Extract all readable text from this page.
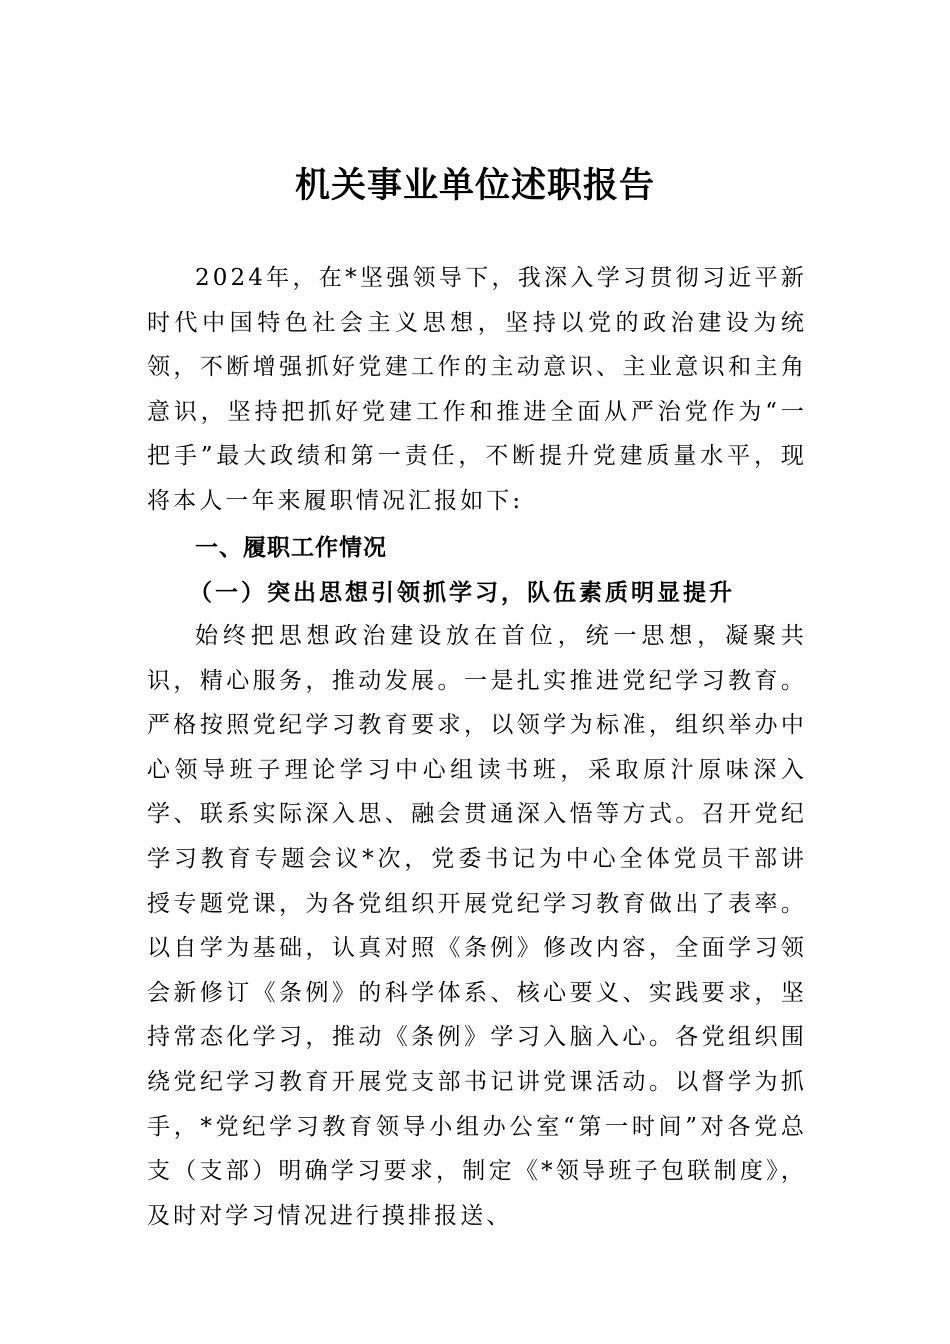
机关事业单位述职报告

2024年，在*坚强领导下，我深入学习贯彻习近平新时代中国特色社会主义思想，坚持以党的政治建设为统领，不断增强抓好党建工作的主动意识、主业意识和主角意识，坚持把抓好党建工作和推进全面从严治党作为“一把手”最大政绩和第一责任，不断提升党建质量水平，现将本人一年来履职情况汇报如下:

一、履职工作情况

（一）突出思想引领抓学习，队伍素质明显提升

始终把思想政治建设放在首位，统一思想，凝聚共识，精心服务，推动发展。一是扎实推进党纪学习教育。严格按照党纪学习教育要求，以领学为标准，组织举办中心领导班子理论学习中心组读书班，采取原汁原味深入学、联系实际深入思、融会贯通深入悟等方式。召开党纪学习教育专题会议*次，党委书记为中心全体党员干部讲授专题党课，为各党组织开展党纪学习教育做出了表率。以自学为基础，认真对照《条例》修改内容，全面学习领会新修订《条例》的科学体系、核心要义、实践要求，坚持常态化学习，推动《条例》学习入脑入心。各党组织围绕党纪学习教育开展党支部书记讲党课活动。以督学为抓手，*党纪学习教育领导小组办公室“第一时间”对各党总支（支部）明确学习要求，制定《*领导班子包联制度》，及时对学习情况进行摸排报送、
